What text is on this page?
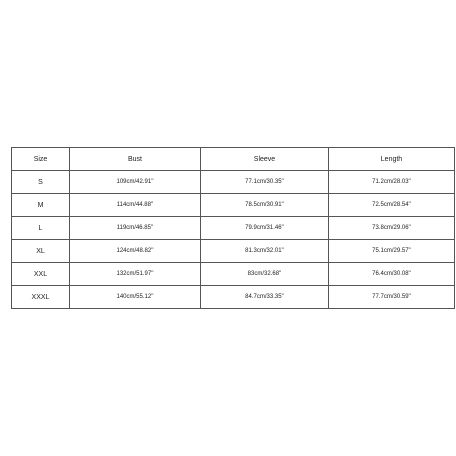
Size	Bust	Sleeve	Length
S	109cm/42.91''	77.1cm/30.35''	71.2cm/28.03''
M	114cm/44.88''	78.5cm/30.91''	72.5cm/28.54''
L	119cm/46.85''	79.9cm/31.46''	73.8cm/29.06''
XL	124cm/48.82''	81.3cm/32.01''	75.1cm/29.57''
XXL	132cm/51.97''	83cm/32.68''	76.4cm/30.08''
XXXL	140cm/55.12''	84.7cm/33.35''	77.7cm/30.59''
